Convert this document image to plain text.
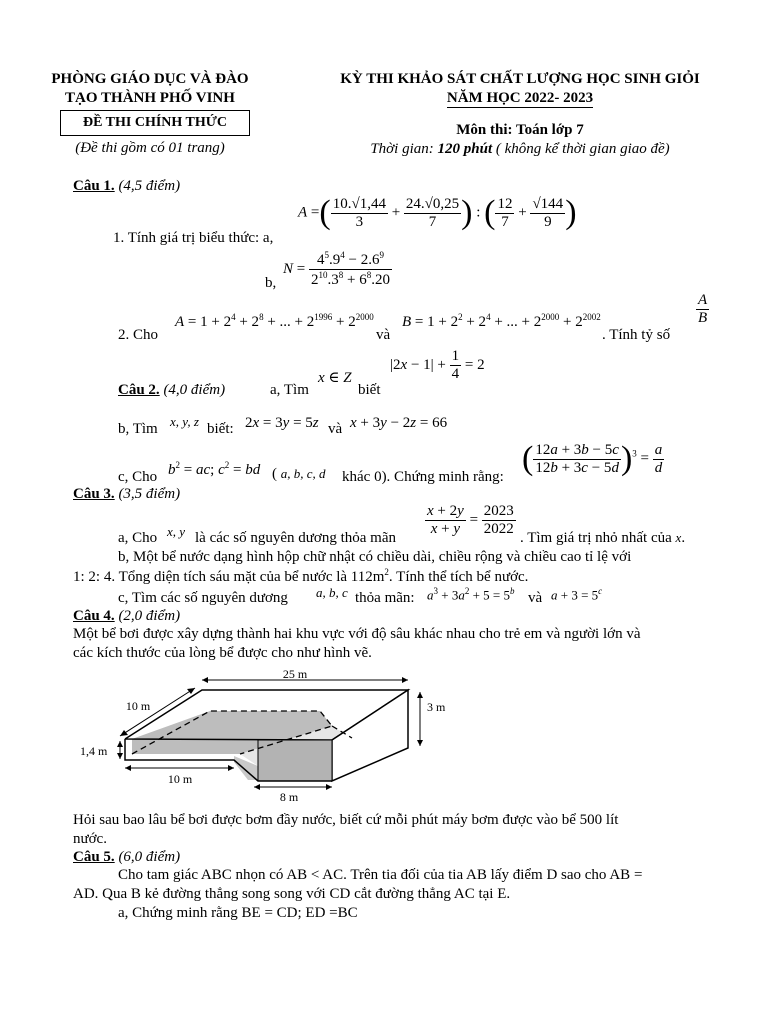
PHÒNG GIÁO DỤC VÀ ĐÀO
TẠO THÀNH PHỐ VINH
ĐỀ THI CHÍNH THỨC
(Đề thi gồm có 01 trang)
KỲ THI KHẢO SÁT CHẤT LƯỢNG HỌC SINH GIỎI
NĂM HỌC 2022- 2023
Môn thi: Toán lớp 7
Thời gian: 120 phút ( không kể thời gian giao đề)
Câu 1. (4,5 điểm)
A =( $\frac{10.√1,44}{3} + \frac{24.√0,25}{7}$ ) : ( $\frac{12}{7} + \frac{√144}{9}$ )
1. Tính giá trị biểu thức: a,
b,
$N = \frac{4^5.9^4 - 2.6^9}{2^{10}.3^8 + 6^8.20}$
2. Cho
$A = 1 + 2^4 + 2^8$ + ... + $2^{1996} + 2^{2000}$
và
$B = 1 + 2^2 + 2^4$ + ... + $2^{2000} + 2^{2002}$
. Tính tỷ số
$\frac{A}{B}$
Câu 2. (4,0 điểm)	a, Tìm
x ∈ Z
biết
$|2x - 1| + \frac{1}{4} = 2$
b, Tìm x, y, z biết: 2x = 3y = 5z và x + 3y − 2z = 66
c, Cho $b^2$ = ac; $c^2$ = bd ( a, b, c, d khác 0). Chứng minh rằng: ( $\frac{12a + 3b - 5c}{12b + 3c - 5d} )^3 = \frac{a}{d}$
Câu 3. (3,5 điểm)
a, Cho x, y là các số nguyên dương thỏa mãn $\frac{x + 2y}{x + y} = \frac{2023}{2022}$ . Tìm giá trị nhỏ nhất của x.
b, Một bể nước dạng hình hộp chữ nhật có chiều dài, chiều rộng và chiều cao tỉ lệ với
1: 2: 4. Tổng diện tích sáu mặt của bể nước là $112m^2$. Tính thể tích bể nước.
c, Tìm các số nguyên dương a, b, c thỏa mãn: $a^3 + 3a^2 + 5 = 5^b$ và $a + 3 = 5^c$
Câu 4. (2,0 điểm)
Một bể bơi được xây dựng thành hai khu vực với độ sâu khác nhau cho trẻ em và người lớn và
các kích thước của lòng bể được cho như hình vẽ.
25 m
10 m	3 m
1,4 m
10 m
8 m
Hỏi sau bao lâu bể bơi được bơm đầy nước, biết cứ mỗi phút máy bơm được vào bể 500 lít
nước.
Câu 5. (6,0 điểm)
Cho tam giác ABC nhọn có AB < AC. Trên tia đối của tia AB lấy điểm D sao cho AB =
AD. Qua B kẻ đường thẳng song song với CD cắt đường thẳng AC tại E.
a, Chứng minh rằng BE = CD; ED =BC
